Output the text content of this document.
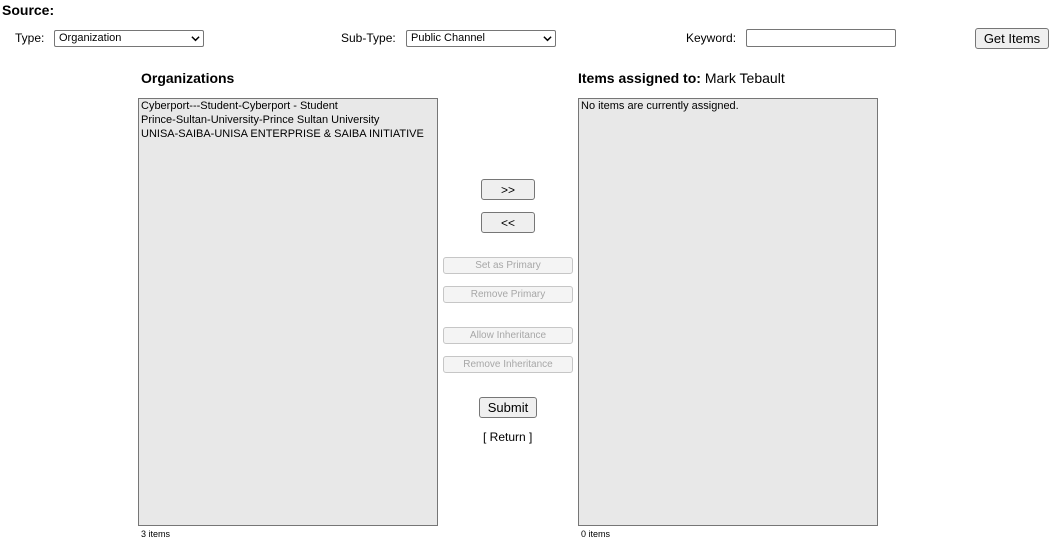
Source:
Type:	Organization	Sub-Type:	Public Channel	Keyword:	Get Items
Organizations
Cyberport---Student-Cyberport - Student
Prince-Sultan-University-Prince Sultan University
UNISA-SAIBA-UNISA ENTERPRISE & SAIBA INITIATIVE
3 items
>>
<<
Set as Primary
Remove Primary
Allow Inheritance
Remove Inheritance
Submit
[ Return ]
Items assigned to: Mark Tebault
No items are currently assigned.
0 items
